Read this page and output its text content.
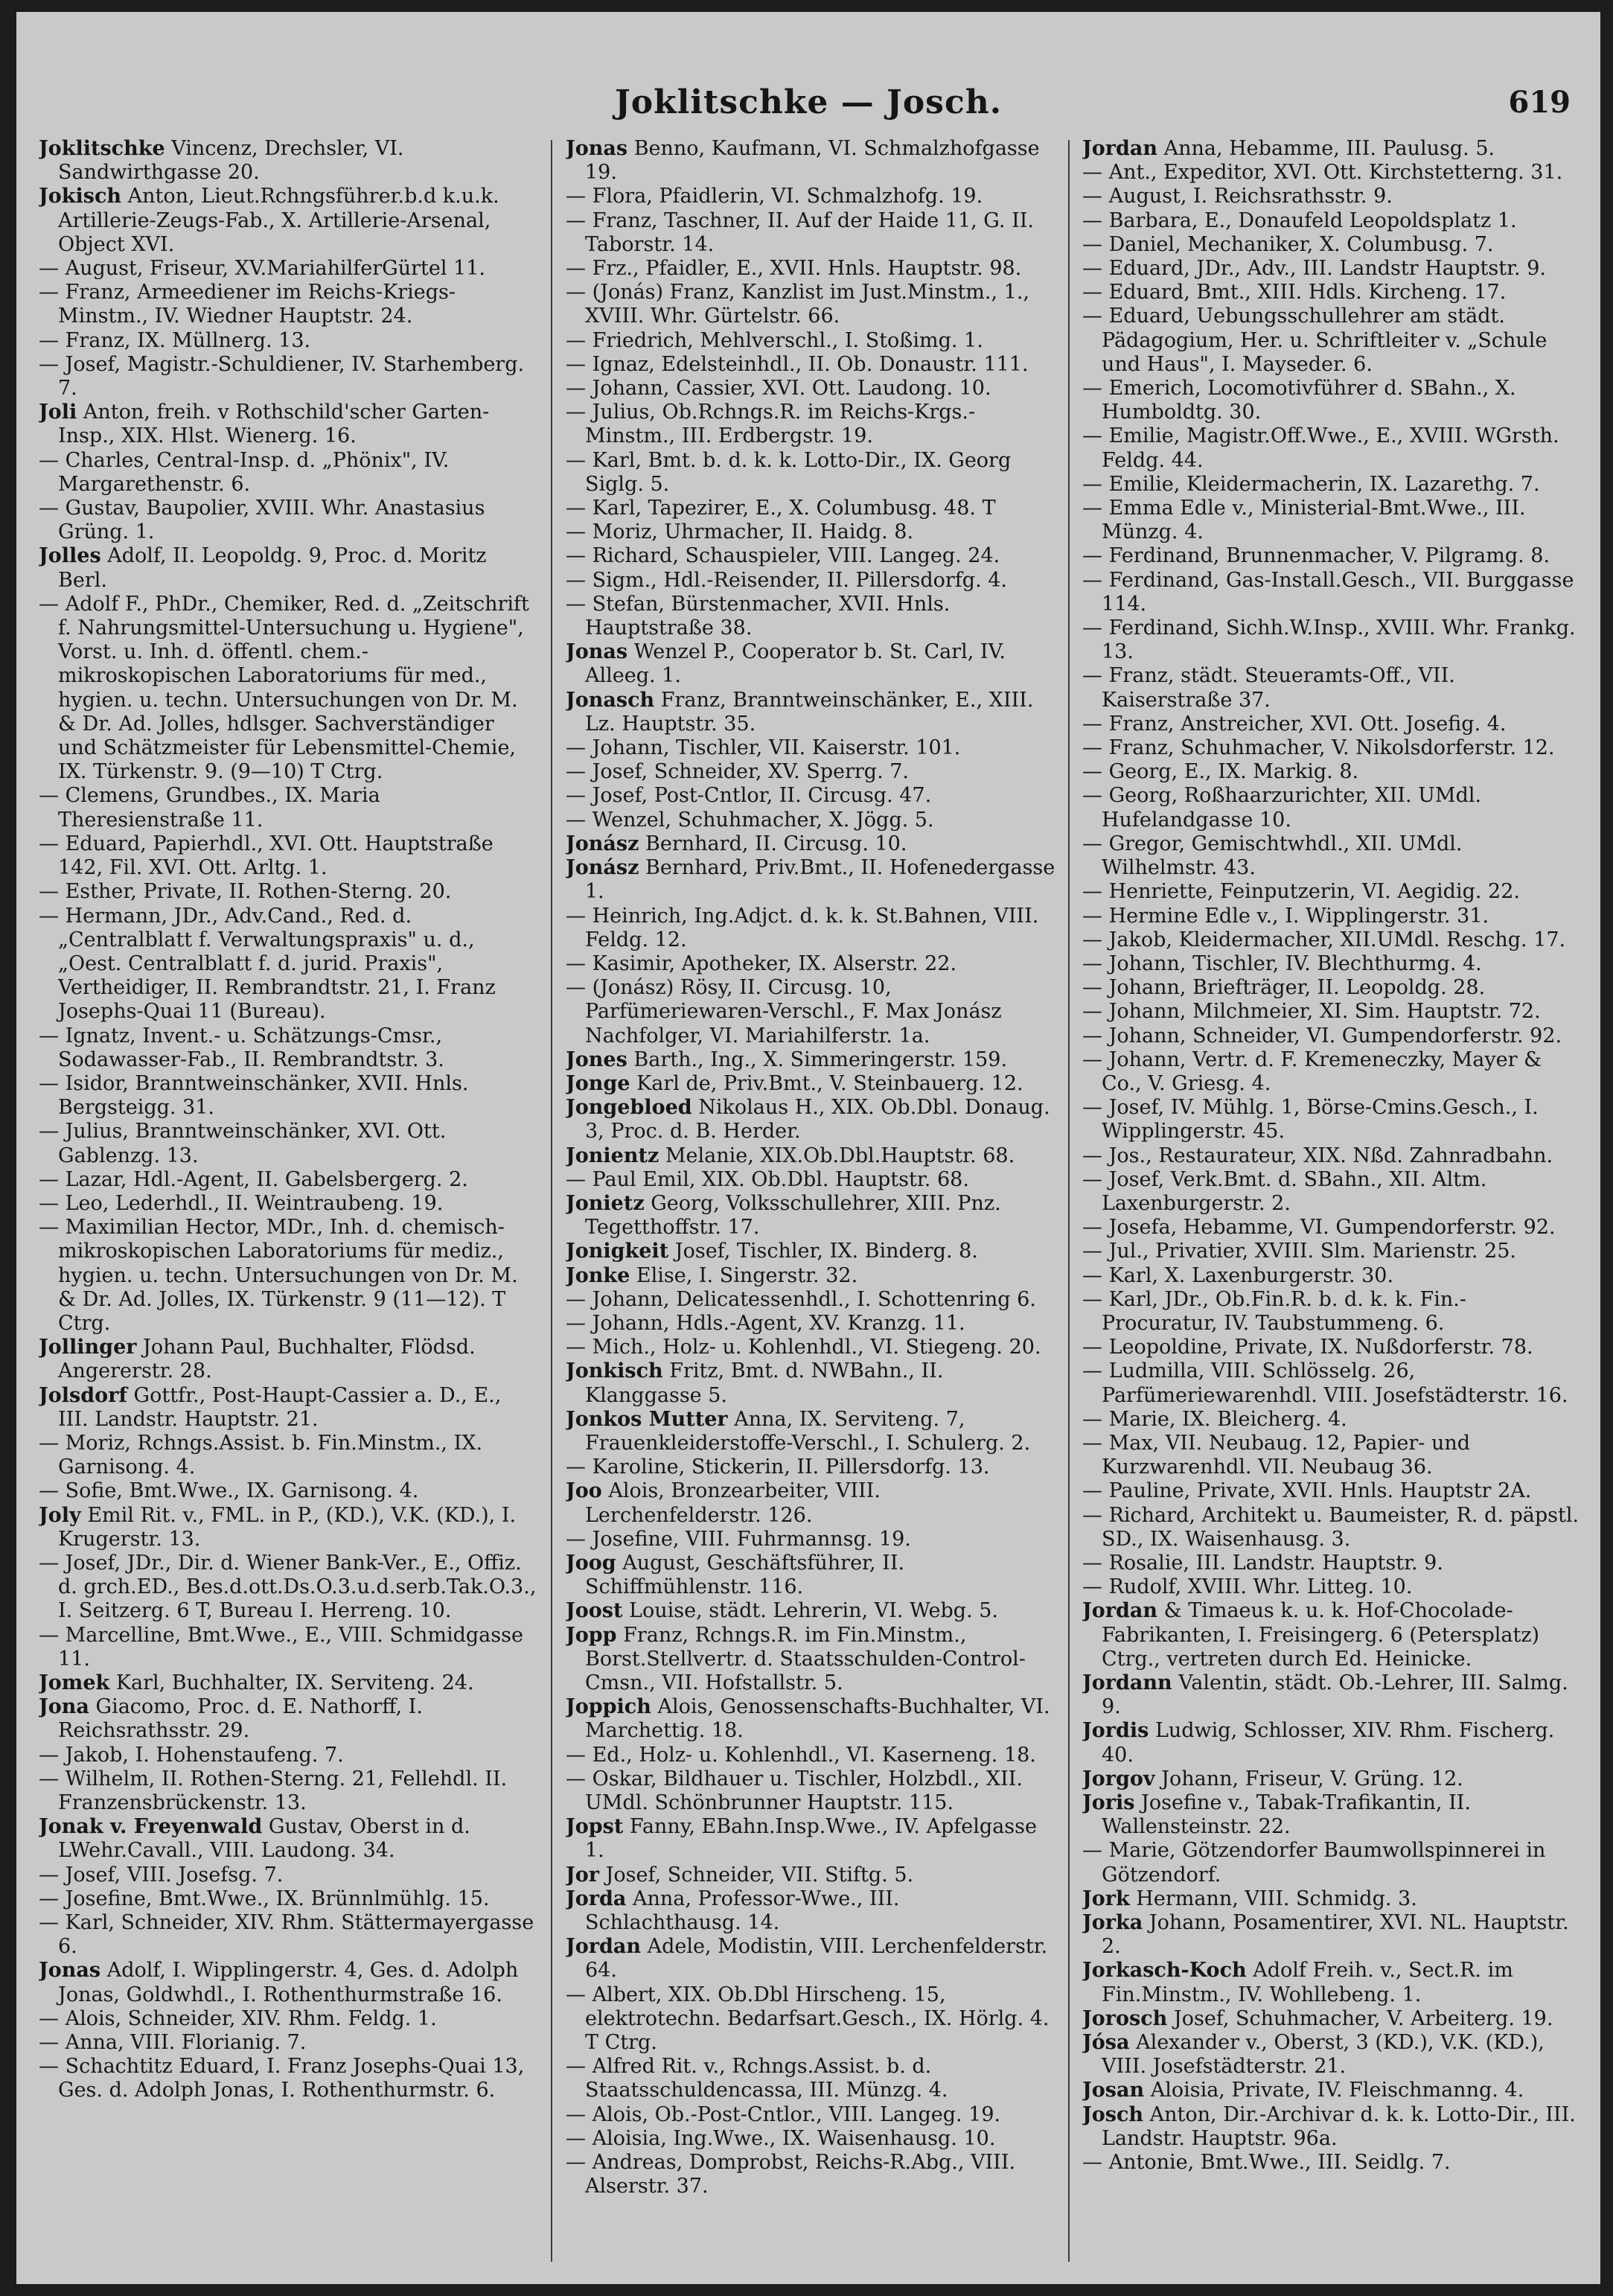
Joklitschke — Josch.	619

Joklitschke Vincenz, Drechsler, VI. Sandwirthgasse 20.

Jokisch Anton, Lieut.Rchngsführer.b.d k.u.k. Artillerie-Zeugs-Fab., X. Artillerie-Arsenal, Object XVI.

— August, Friseur, XV.MariahilferGürtel 11.

— Franz, Armeediener im Reichs-Kriegs-Minstm., IV. Wiedner Hauptstr. 24.

— Franz, IX. Müllnerg. 13.

— Josef, Magistr.-Schuldiener, IV. Starhemberg. 7.

Joli Anton, freih. v Rothschild'scher Garten-Insp., XIX. Hlst. Wienerg. 16.

— Charles, Central-Insp. d. „Phönix", IV. Margarethenstr. 6.

— Gustav, Baupolier, XVIII. Whr. Anastasius Grüng. 1.

Jolles Adolf, II. Leopoldg. 9, Proc. d. Moritz Berl.

— Adolf F., PhDr., Chemiker, Red. d. „Zeitschrift f. Nahrungsmittel-Untersuchung u. Hygiene", Vorst. u. Inh. d. öffentl. chem.-mikroskopischen Laboratoriums für med., hygien. u. techn. Untersuchungen von Dr. M. & Dr. Ad. Jolles, hdlsger. Sachverständiger und Schätzmeister für Lebensmittel-Chemie, IX. Türkenstr. 9. (9—10) T Ctrg.

— Clemens, Grundbes., IX. Maria Theresienstraße 11.

— Eduard, Papierhdl., XVI. Ott. Hauptstraße 142, Fil. XVI. Ott. Arltg. 1.

— Esther, Private, II. Rothen-Sterng. 20.

— Hermann, JDr., Adv.Cand., Red. d. „Centralblatt f. Verwaltungspraxis" u. d., „Oest. Centralblatt f. d. jurid. Praxis", Vertheidiger, II. Rembrandtstr. 21, I. Franz Josephs-Quai 11 (Bureau).

— Ignatz, Invent.- u. Schätzungs-Cmsr., Sodawasser-Fab., II. Rembrandtstr. 3.

— Isidor, Branntweinschänker, XVII. Hnls. Bergsteigg. 31.

— Julius, Branntweinschänker, XVI. Ott. Gablenzg. 13.

— Lazar, Hdl.-Agent, II. Gabelsbergerg. 2.

— Leo, Lederhdl., II. Weintraubeng. 19.

— Maximilian Hector, MDr., Inh. d. chemisch-mikroskopischen Laboratoriums für mediz., hygien. u. techn. Untersuchungen von Dr. M. & Dr. Ad. Jolles, IX. Türkenstr. 9 (11—12). T Ctrg.

Jollinger Johann Paul, Buchhalter, Flödsd. Angererstr. 28.

Jolsdorf Gottfr., Post-Haupt-Cassier a. D., E., III. Landstr. Hauptstr. 21.

— Moriz, Rchngs.Assist. b. Fin.Minstm., IX. Garnisong. 4.

— Sofie, Bmt.Wwe., IX. Garnisong. 4.

Joly Emil Rit. v., FML. in P., (KD.), V.K. (KD.), I. Krugerstr. 13.

— Josef, JDr., Dir. d. Wiener Bank-Ver., E., Offiz. d. grch.ED., Bes.d.ott.Ds.O.3.u.d.serb.Tak.O.3., I. Seitzerg. 6 T, Bureau I. Herreng. 10.

— Marcelline, Bmt.Wwe., E., VIII. Schmidgasse 11.

Jomek Karl, Buchhalter, IX. Serviteng. 24.

Jona Giacomo, Proc. d. E. Nathorff, I. Reichsrathsstr. 29.

— Jakob, I. Hohenstaufeng. 7.

— Wilhelm, II. Rothen-Sterng. 21, Fellehdl. II. Franzensbrückenstr. 13.

Jonak v. Freyenwald Gustav, Oberst in d. LWehr.Cavall., VIII. Laudong. 34.

— Josef, VIII. Josefsg. 7.

— Josefine, Bmt.Wwe., IX. Brünnlmühlg. 15.

— Karl, Schneider, XIV. Rhm. Stättermayergasse 6.

Jonas Adolf, I. Wipplingerstr. 4, Ges. d. Adolph Jonas, Goldwhdl., I. Rothenthurmstraße 16.

— Alois, Schneider, XIV. Rhm. Feldg. 1.

— Anna, VIII. Florianig. 7.

— Schachtitz Eduard, I. Franz Josephs-Quai 13, Ges. d. Adolph Jonas, I. Rothenthurmstr. 6.

Jonas Benno, Kaufmann, VI. Schmalzhofgasse 19.

— Flora, Pfaidlerin, VI. Schmalzhofg. 19.

— Franz, Taschner, II. Auf der Haide 11, G. II. Taborstr. 14.

— Frz., Pfaidler, E., XVII. Hnls. Hauptstr. 98.

— (Jonás) Franz, Kanzlist im Just.Minstm., 1., XVIII. Whr. Gürtelstr. 66.

— Friedrich, Mehlverschl., I. Stoßimg. 1.

— Ignaz, Edelsteinhdl., II. Ob. Donaustr. 111.

— Johann, Cassier, XVI. Ott. Laudong. 10.

— Julius, Ob.Rchngs.R. im Reichs-Krgs.-Minstm., III. Erdbergstr. 19.

— Karl, Bmt. b. d. k. k. Lotto-Dir., IX. Georg Siglg. 5.

— Karl, Tapezirer, E., X. Columbusg. 48. T

— Moriz, Uhrmacher, II. Haidg. 8.

— Richard, Schauspieler, VIII. Langeg. 24.

— Sigm., Hdl.-Reisender, II. Pillersdorfg. 4.

— Stefan, Bürstenmacher, XVII. Hnls. Hauptstraße 38.

Jonas Wenzel P., Cooperator b. St. Carl, IV. Alleeg. 1.

Jonasch Franz, Branntweinschänker, E., XIII. Lz. Hauptstr. 35.

— Johann, Tischler, VII. Kaiserstr. 101.

— Josef, Schneider, XV. Sperrg. 7.

— Josef, Post-Cntlor, II. Circusg. 47.

— Wenzel, Schuhmacher, X. Jögg. 5.

Jonász Bernhard, II. Circusg. 10.

Jonász Bernhard, Priv.Bmt., II. Hofenedergasse 1.

— Heinrich, Ing.Adjct. d. k. k. St.Bahnen, VIII. Feldg. 12.

— Kasimir, Apotheker, IX. Alserstr. 22.

— (Jonász) Rösy, II. Circusg. 10, Parfümeriewaren-Verschl., F. Max Jonász Nachfolger, VI. Mariahilferstr. 1a.

Jones Barth., Ing., X. Simmeringerstr. 159.

Jonge Karl de, Priv.Bmt., V. Steinbauerg. 12.

Jongebloed Nikolaus H., XIX. Ob.Dbl. Donaug. 3, Proc. d. B. Herder.

Jonientz Melanie, XIX.Ob.Dbl.Hauptstr. 68.

— Paul Emil, XIX. Ob.Dbl. Hauptstr. 68.

Jonietz Georg, Volksschullehrer, XIII. Pnz. Tegetthoffstr. 17.

Jonigkeit Josef, Tischler, IX. Binderg. 8.

Jonke Elise, I. Singerstr. 32.

— Johann, Delicatessenhdl., I. Schottenring 6.

— Johann, Hdls.-Agent, XV. Kranzg. 11.

— Mich., Holz- u. Kohlenhdl., VI. Stiegeng. 20.

Jonkisch Fritz, Bmt. d. NWBahn., II. Klanggasse 5.

Jonkos Mutter Anna, IX. Serviteng. 7, Frauenkleiderstoffe-Verschl., I. Schulerg. 2.

— Karoline, Stickerin, II. Pillersdorfg. 13.

Joo Alois, Bronzearbeiter, VIII. Lerchenfelderstr. 126.

— Josefine, VIII. Fuhrmannsg. 19.

Joog August, Geschäftsführer, II. Schiffmühlenstr. 116.

Joost Louise, städt. Lehrerin, VI. Webg. 5.

Jopp Franz, Rchngs.R. im Fin.Minstm., Borst.Stellvertr. d. Staatsschulden-Control-Cmsn., VII. Hofstallstr. 5.

Joppich Alois, Genossenschafts-Buchhalter, VI. Marchettig. 18.

— Ed., Holz- u. Kohlenhdl., VI. Kaserneng. 18.

— Oskar, Bildhauer u. Tischler, Holzbdl., XII. UMdl. Schönbrunner Hauptstr. 115.

Jopst Fanny, EBahn.Insp.Wwe., IV. Apfelgasse 1.

Jor Josef, Schneider, VII. Stiftg. 5.

Jorda Anna, Professor-Wwe., III. Schlachthausg. 14.

Jordan Adele, Modistin, VIII. Lerchenfelderstr. 64.

— Albert, XIX. Ob.Dbl Hirscheng. 15, elektrotechn. Bedarfsart.Gesch., IX. Hörlg. 4. T Ctrg.

— Alfred Rit. v., Rchngs.Assist. b. d. Staatsschuldencassa, III. Münzg. 4.

— Alois, Ob.-Post-Cntlor., VIII. Langeg. 19.

— Aloisia, Ing.Wwe., IX. Waisenhausg. 10.

— Andreas, Domprobst, Reichs-R.Abg., VIII. Alserstr. 37.

Jordan Anna, Hebamme, III. Paulusg. 5.

— Ant., Expeditor, XVI. Ott. Kirchstetterng. 31.

— August, I. Reichsrathsstr. 9.

— Barbara, E., Donaufeld Leopoldsplatz 1.

— Daniel, Mechaniker, X. Columbusg. 7.

— Eduard, JDr., Adv., III. Landstr Hauptstr. 9.

— Eduard, Bmt., XIII. Hdls. Kircheng. 17.

— Eduard, Uebungsschullehrer am städt. Pädagogium, Her. u. Schriftleiter v. „Schule und Haus", I. Mayseder. 6.

— Emerich, Locomotivführer d. SBahn., X. Humboldtg. 30.

— Emilie, Magistr.Off.Wwe., E., XVIII. WGrsth. Feldg. 44.

— Emilie, Kleidermacherin, IX. Lazarethg. 7.

— Emma Edle v., Ministerial-Bmt.Wwe., III. Münzg. 4.

— Ferdinand, Brunnenmacher, V. Pilgramg. 8.

— Ferdinand, Gas-Install.Gesch., VII. Burggasse 114.

— Ferdinand, Sichh.W.Insp., XVIII. Whr. Frankg. 13.

— Franz, städt. Steueramts-Off., VII. Kaiserstraße 37.

— Franz, Anstreicher, XVI. Ott. Josefig. 4.

— Franz, Schuhmacher, V. Nikolsdorferstr. 12.

— Georg, E., IX. Markig. 8.

— Georg, Roßhaarzurichter, XII. UMdl. Hufelandgasse 10.

— Gregor, Gemischtwhdl., XII. UMdl. Wilhelmstr. 43.

— Henriette, Feinputzerin, VI. Aegidig. 22.

— Hermine Edle v., I. Wipplingerstr. 31.

— Jakob, Kleidermacher, XII.UMdl. Reschg. 17.

— Johann, Tischler, IV. Blechthurmg. 4.

— Johann, Briefträger, II. Leopoldg. 28.

— Johann, Milchmeier, XI. Sim. Hauptstr. 72.

— Johann, Schneider, VI. Gumpendorferstr. 92.

— Johann, Vertr. d. F. Kremeneczky, Mayer & Co., V. Griesg. 4.

— Josef, IV. Mühlg. 1, Börse-Cmins.Gesch., I. Wipplingerstr. 45.

— Jos., Restaurateur, XIX. Nßd. Zahnradbahn.

— Josef, Verk.Bmt. d. SBahn., XII. Altm. Laxenburgerstr. 2.

— Josefa, Hebamme, VI. Gumpendorferstr. 92.

— Jul., Privatier, XVIII. Slm. Marienstr. 25.

— Karl, X. Laxenburgerstr. 30.

— Karl, JDr., Ob.Fin.R. b. d. k. k. Fin.-Procuratur, IV. Taubstummeng. 6.

— Leopoldine, Private, IX. Nußdorferstr. 78.

— Ludmilla, VIII. Schlösselg. 26, Parfümeriewarenhdl. VIII. Josefstädterstr. 16.

— Marie, IX. Bleicherg. 4.

— Max, VII. Neubaug. 12, Papier- und Kurzwarenhdl. VII. Neubaug 36.

— Pauline, Private, XVII. Hnls. Hauptstr 2A.

— Richard, Architekt u. Baumeister, R. d. päpstl. SD., IX. Waisenhausg. 3.

— Rosalie, III. Landstr. Hauptstr. 9.

— Rudolf, XVIII. Whr. Litteg. 10.

Jordan & Timaeus k. u. k. Hof-Chocolade-Fabrikanten, I. Freisingerg. 6 (Petersplatz) Ctrg., vertreten durch Ed. Heinicke.

Jordann Valentin, städt. Ob.-Lehrer, III. Salmg. 9.

Jordis Ludwig, Schlosser, XIV. Rhm. Fischerg. 40.

Jorgov Johann, Friseur, V. Grüng. 12.

Joris Josefine v., Tabak-Trafikantin, II. Wallensteinstr. 22.

— Marie, Götzendorfer Baumwollspinnerei in Götzendorf.

Jork Hermann, VIII. Schmidg. 3.

Jorka Johann, Posamentirer, XVI. NL. Hauptstr. 2.

Jorkasch-Koch Adolf Freih. v., Sect.R. im Fin.Minstm., IV. Wohllebeng. 1.

Jorosch Josef, Schuhmacher, V. Arbeiterg. 19.

Jósa Alexander v., Oberst, 3 (KD.), V.K. (KD.), VIII. Josefstädterstr. 21.

Josan Aloisia, Private, IV. Fleischmanng. 4.

Josch Anton, Dir.-Archivar d. k. k. Lotto-Dir., III. Landstr. Hauptstr. 96a.

— Antonie, Bmt.Wwe., III. Seidlg. 7.
